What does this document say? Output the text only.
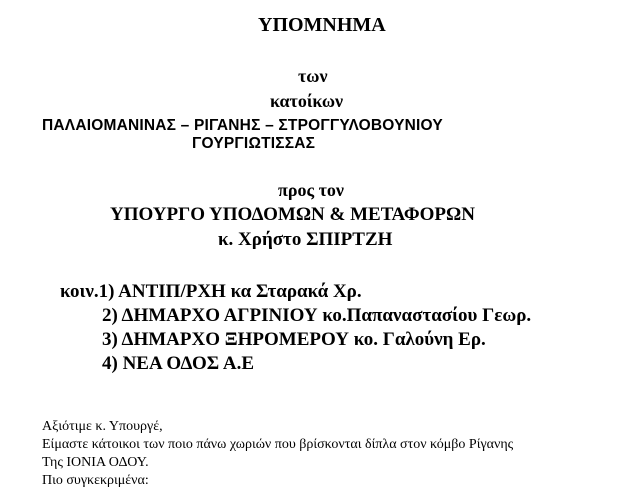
ΥΠΟΜΝΗΜΑ
των
κατοίκων
ΠΑΛΑΙΟΜΑΝΙΝΑΣ – ΡΙΓΑΝΗΣ – ΣΤΡΟΓΓΥΛΟΒΟΥΝΙΟΥ
ΓΟΥΡΓΙΩΤΙΣΣΑΣ
προς τον
ΥΠΟΥΡΓΟ ΥΠΟΔΟΜΩΝ & ΜΕΤΑΦΟΡΩΝ
κ. Χρήστο ΣΠΙΡΤΖΗ
κοιν.1) ΑΝΤΙΠ/ΡΧΗ κα Σταρακά Χρ.
2) ΔΗΜΑΡΧΟ ΑΓΡΙΝΙΟΥ κο.Παπαναστασίου Γεωρ.
3) ΔΗΜΑΡΧΟ ΞΗΡΟΜΕΡΟΥ κο. Γαλούνη Ερ.
4) ΝΕΑ ΟΔΟΣ Α.Ε
Αξιότιμε κ. Υπουργέ,
Είμαστε κάτοικοι των ποιο πάνω χωριών που βρίσκονται δίπλα στον κόμβο Ρίγανης
Της ΙΟΝΙΑ ΟΔΟΥ.
Πιο συγκεκριμένα:
